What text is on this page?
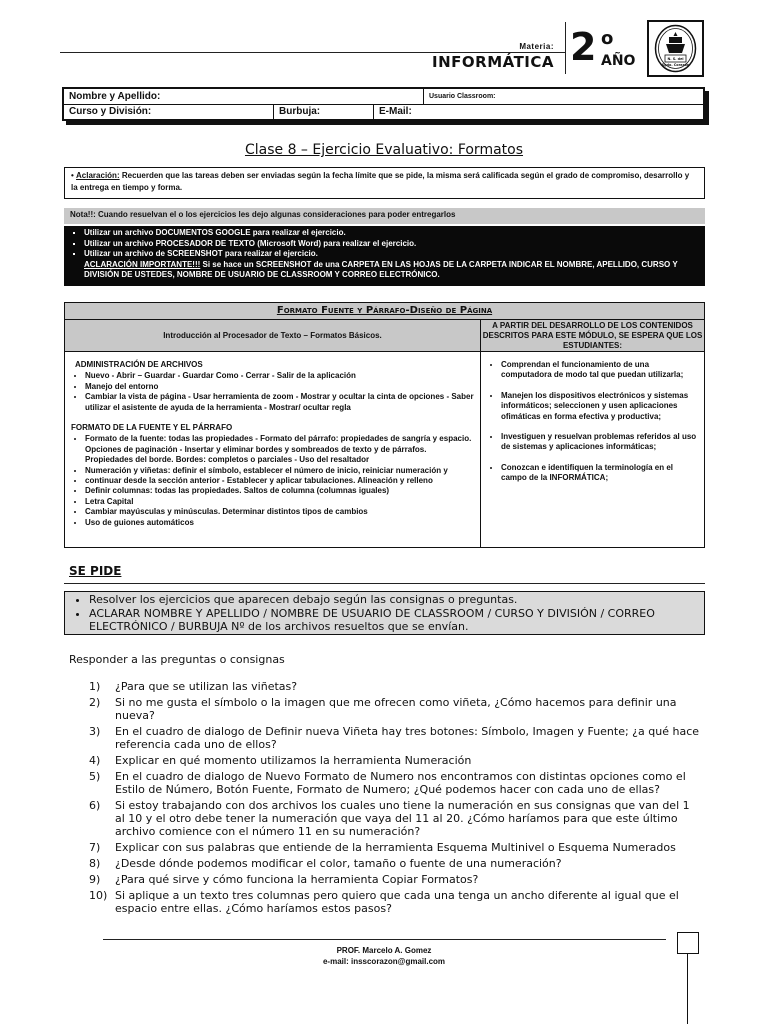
Materia:
INFORMÁTICA 2 o
AÑO	N. S. del
Sgdo. Corazón
Nombre y Apellido:	Usuario Classroom:
Curso y División:	Burbuja:	E-Mail:
Clase 8 – Ejercicio Evaluativo: Formatos
• Aclaración: Recuerden que las tareas deben ser enviadas según la fecha límite que se pide, la misma será calificada según el grado de compromiso, desarrollo y la entrega en tiempo y forma.
Nota!!: Cuando resuelvan el o los ejercicios les dejo algunas consideraciones para poder entregarlos
▪ Utilizar un archivo DOCUMENTOS GOOGLE para realizar el ejercicio.
▪ Utilizar un archivo PROCESADOR DE TEXTO (Microsoft Word) para realizar el ejercicio.
▪ Utilizar un archivo de SCREENSHOT para realizar el ejercicio.
ACLARACIÓN IMPORTANTE!!! Si se hace un SCREENSHOT de una CARPETA EN LAS HOJAS DE LA CARPETA INDICAR EL NOMBRE, APELLIDO, CURSO Y DIVISIÓN DE USTEDES, NOMBRE DE USUARIO DE CLASSROOM Y CORREO ELECTRÓNICO.
Formato Fuente y Párrafo-Diseño de Página
Introducción al Procesador de Texto – Formatos Básicos.
A PARTIR DEL DESARROLLO DE LOS CONTENIDOS DESCRITOS PARA ESTE MÓDULO, SE ESPERA QUE LOS ESTUDIANTES:
ADMINISTRACIÓN DE ARCHIVOS
• Nuevo - Abrir – Guardar - Guardar Como - Cerrar - Salir de la aplicación
• Manejo del entorno
• Cambiar la vista de página - Usar herramienta de zoom - Mostrar y ocultar la cinta de opciones - Saber utilizar el asistente de ayuda de la herramienta - Mostrar/ ocultar regla
FORMATO DE LA FUENTE Y EL PÁRRAFO
• Formato de la fuente: todas las propiedades - Formato del párrafo: propiedades de sangría y espacio. Opciones de paginación - Insertar y eliminar bordes y sombreados de texto y de párrafos. Propiedades del borde. Bordes: completos o parciales - Uso del resaltador
• Numeración y viñetas: definir el símbolo, establecer el número de inicio, reiniciar numeración y
• continuar desde la sección anterior - Establecer y aplicar tabulaciones. Alineación y relleno
• Definir columnas: todas las propiedades. Saltos de columna (columnas iguales)
• Letra Capital
• Cambiar mayúsculas y minúsculas. Determinar distintos tipos de cambios
• Uso de guiones automáticos
• Comprendan el funcionamiento de una computadora de modo tal que puedan utilizarla;
• Manejen los dispositivos electrónicos y sistemas informáticos; seleccionen y usen aplicaciones ofimáticas en forma efectiva y productiva;
• Investiguen y resuelvan problemas referidos al uso de sistemas y aplicaciones informáticas;
• Conozcan e identifiquen la terminología en el campo de la INFORMÁTICA;
SE PIDE
• Resolver los ejercicios que aparecen debajo según las consignas o preguntas.
• ACLARAR NOMBRE Y APELLIDO / NOMBRE DE USUARIO DE CLASSROOM / CURSO Y DIVISIÓN / CORREO ELECTRÓNICO / BURBUJA Nº de los archivos resueltos que se envían.
Responder a las preguntas o consignas
1)	¿Para que se utilizan las viñetas?
2)	Si no me gusta el símbolo o la imagen que me ofrecen como viñeta, ¿Cómo hacemos para definir una nueva?
3)	En el cuadro de dialogo de Definir nueva Viñeta hay tres botones: Símbolo, Imagen y Fuente; ¿a qué hace referencia cada uno de ellos?
4)	Explicar en qué momento utilizamos la herramienta Numeración
5)	En el cuadro de dialogo de Nuevo Formato de Numero nos encontramos con distintas opciones como el Estilo de Número, Botón Fuente, Formato de Numero; ¿Qué podemos hacer con cada uno de ellas?
6)	Si estoy trabajando con dos archivos los cuales uno tiene la numeración en sus consignas que van del 1 al 10 y el otro debe tener la numeración que vaya del 11 al 20. ¿Cómo haríamos para que este último archivo comience con el número 11 en su numeración?
7)	Explicar con sus palabras que entiende de la herramienta Esquema Multinivel o Esquema Numerados
8)	¿Desde dónde podemos modificar el color, tamaño o fuente de una numeración?
9)	¿Para qué sirve y cómo funciona la herramienta Copiar Formatos?
10) Si aplique a un texto tres columnas pero quiero que cada una tenga un ancho diferente al igual que el espacio entre ellas. ¿Cómo haríamos estos pasos?
PROF. Marcelo A. Gomez
e-mail: insscorazon@gmail.com
